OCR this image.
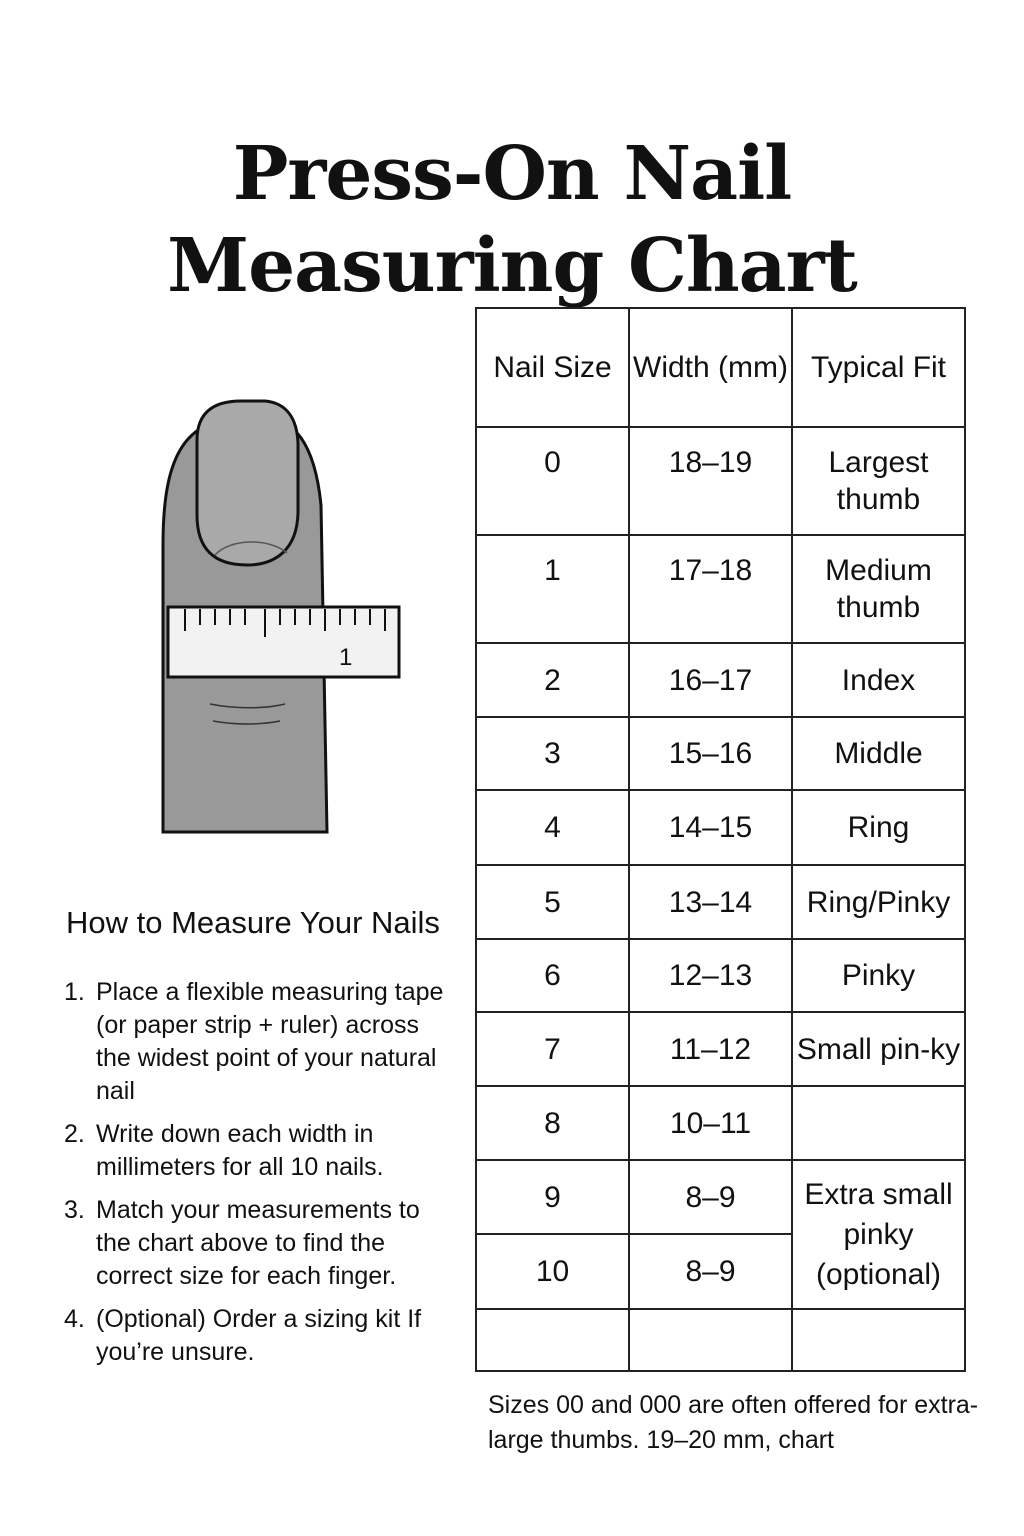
Press-On Nail
Measuring Chart
1
How to Measure Your Nails
1. Place a flexible measuring tape (or paper strip + ruler) across the widest point of your natural nail
2. Write down each width in millimeters for all 10 nails.
3. Match your measurements to the chart above to find the correct size for each finger.
4. (Optional) Order a sizing kit If you’re unsure.
Nail Size	Width (mm)	Typical Fit
0	18–19	Largest thumb
1	17–18	Medium thumb
2	16–17	Index
3	15–16	Middle
4	14–15	Ring
5	13–14	Ring/Pinky
6	12–13	Pinky
7	11–12	Small pin-ky
8	10–11	
9	8–9	Extra small pinky (optional)
10	8–9	

Sizes 00 and 000 are often offered for extra-large thumbs. 19–20 mm, chart
